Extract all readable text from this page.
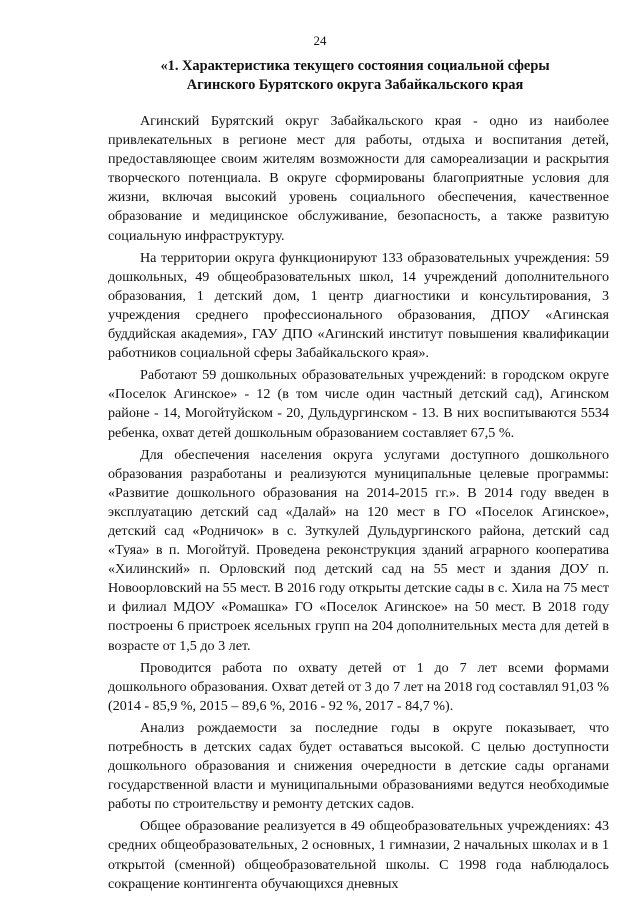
24
«1. Характеристика текущего состояния социальной сферы
Агинского Бурятского округа Забайкальского края

Агинский Бурятский округ Забайкальского края - одно из наиболее привлекательных в регионе мест для работы, отдыха и воспитания детей, предоставляющее своим жителям возможности для самореализации и раскрытия творческого потенциала. В округе сформированы благоприятные условия для жизни, включая высокий уровень социального обеспечения, качественное образование и медицинское обслуживание, безопасность, а также развитую социальную инфраструктуру.

На территории округа функционируют 133 образовательных учреждения: 59 дошкольных, 49 общеобразовательных школ, 14 учреждений дополнительного образования, 1 детский дом, 1 центр диагностики и консультирования, 3 учреждения среднего профессионального образования, ДПОУ «Агинская буддийская академия», ГАУ ДПО «Агинский институт повышения квалификации работников социальной сферы Забайкальского края».

Работают 59 дошкольных образовательных учреждений: в городском округе «Поселок Агинское» - 12 (в том числе один частный детский сад), Агинском районе - 14, Могойтуйском - 20, Дульдургинском - 13. В них воспитываются 5534 ребенка, охват детей дошкольным образованием составляет 67,5 %.

Для обеспечения населения округа услугами доступного дошкольного образования разработаны и реализуются муниципальные целевые программы: «Развитие дошкольного образования на 2014-2015 гг.». В 2014 году введен в эксплуатацию детский сад «Далай» на 120 мест в ГО «Поселок Агинское», детский сад «Родничок» в с. Зуткулей Дульдургинского района, детский сад «Туяа» в п. Могойтуй. Проведена реконструкция зданий аграрного кооператива «Хилинский» п. Орловский под детский сад на 55 мест и здания ДОУ п. Новоорловский на 55 мест. В 2016 году открыты детские сады в с. Хила на 75 мест и филиал МДОУ «Ромашка» ГО «Поселок Агинское» на 50 мест. В 2018 году построены 6 пристроек ясельных групп на 204 дополнительных места для детей в возрасте от 1,5 до 3 лет.

Проводится работа по охвату детей от 1 до 7 лет всеми формами дошкольного образования. Охват детей от 3 до 7 лет на 2018 год составлял 91,03 % (2014 - 85,9 %, 2015 – 89,6 %, 2016 - 92 %, 2017 - 84,7 %).

Анализ рождаемости за последние годы в округе показывает, что потребность в детских садах будет оставаться высокой. С целью доступности дошкольного образования и снижения очередности в детские сады органами государственной власти и муниципальными образованиями ведутся необходимые работы по строительству и ремонту детских садов.

Общее образование реализуется в 49 общеобразовательных учреждениях: 43 средних общеобразовательных, 2 основных, 1 гимназии, 2 начальных школах и в 1 открытой (сменной) общеобразовательной школы. С 1998 года наблюдалось сокращение контингента обучающихся дневных
